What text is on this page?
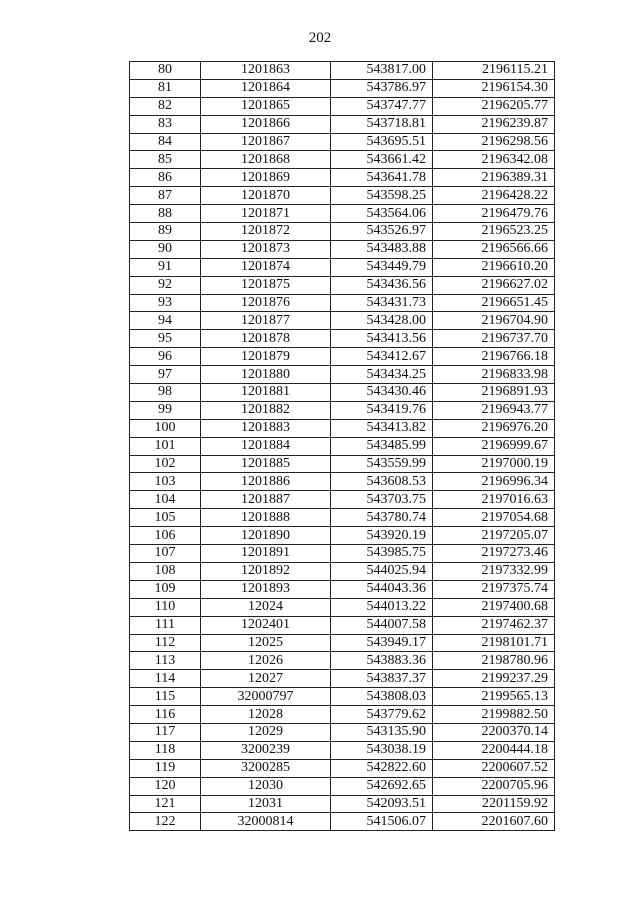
202
80	1201863	543817.00	2196115.21
81	1201864	543786.97	2196154.30
82	1201865	543747.77	2196205.77
83	1201866	543718.81	2196239.87
84	1201867	543695.51	2196298.56
85	1201868	543661.42	2196342.08
86	1201869	543641.78	2196389.31
87	1201870	543598.25	2196428.22
88	1201871	543564.06	2196479.76
89	1201872	543526.97	2196523.25
90	1201873	543483.88	2196566.66
91	1201874	543449.79	2196610.20
92	1201875	543436.56	2196627.02
93	1201876	543431.73	2196651.45
94	1201877	543428.00	2196704.90
95	1201878	543413.56	2196737.70
96	1201879	543412.67	2196766.18
97	1201880	543434.25	2196833.98
98	1201881	543430.46	2196891.93
99	1201882	543419.76	2196943.77
100	1201883	543413.82	2196976.20
101	1201884	543485.99	2196999.67
102	1201885	543559.99	2197000.19
103	1201886	543608.53	2196996.34
104	1201887	543703.75	2197016.63
105	1201888	543780.74	2197054.68
106	1201890	543920.19	2197205.07
107	1201891	543985.75	2197273.46
108	1201892	544025.94	2197332.99
109	1201893	544043.36	2197375.74
110	12024	544013.22	2197400.68
111	1202401	544007.58	2197462.37
112	12025	543949.17	2198101.71
113	12026	543883.36	2198780.96
114	12027	543837.37	2199237.29
115	32000797	543808.03	2199565.13
116	12028	543779.62	2199882.50
117	12029	543135.90	2200370.14
118	3200239	543038.19	2200444.18
119	3200285	542822.60	2200607.52
120	12030	542692.65	2200705.96
121	12031	542093.51	2201159.92
122	32000814	541506.07	2201607.60
